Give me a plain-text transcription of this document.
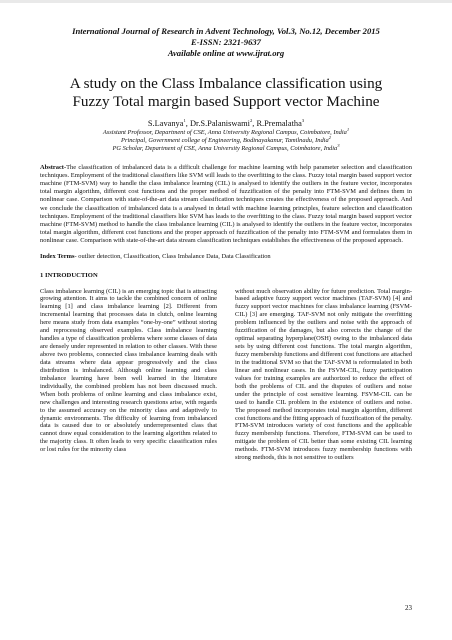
International Journal of Research in Advent Technology, Vol.3, No.12, December 2015
E-ISSN: 2321-9637
Available online at www.ijrat.org
A study on the Class Imbalance classification using
Fuzzy Total margin based Support vector Machine
S.Lavanya$^1$, Dr.S.Palaniswami$^2$, R.Premalatha$^3$
Assistant Professor, Department of CSE, Anna University Regional Campus, Coimbatore, India$^1$
Principal, Government college of Engineering, Bodinayakanur, Tamilnadu, India$^2$
PG Scholar, Department of CSE, Anna University Regional Campus, Coimbatore, India$^3$
Abstract-The classification of imbalanced data is a difficult challenge for machine learning with help parameter selection and classification techniques. Employment of the traditional classifiers like SVM will leads to the overfitting to the class. Fuzzy total margin based support vector machine (FTM-SVM) way to handle the class imbalance learning (CIL) is analysed to identify the outliers in the feature vector, incorporates total margin algorithm, different cost functions and the proper method of fuzzification of the penalty into FTM-SVM and defines them in nonlinear case. Comparison with state-of-the-art data stream classification techniques creates the effectiveness of the proposed approach. And we conclude the classification of imbalanced data is a analysed in detail with machine learning principles, feature selection and classification techniques. Employment of the traditional classifiers like SVM has leads to the overfitting to the class. Fuzzy total margin based support vector machine (FTM-SVM) method to handle the class imbalance learning (CIL) is analysed to identify the outliers in the feature vector, incorporates total margin algorithm, different cost functions and the proper approach of fuzzification of the penalty into FTM-SVM and formulates them in nonlinear case. Comparison with state-of-the-art data stream classification techniques establishes the effectiveness of the proposed approach.
Index Terms- outlier detection, Classification, Class Imbalance Data, Data Classification
1 INTRODUCTION
Class imbalance learning (CIL) is an emerging topic that is attracting growing attention. It aims to tackle the combined concern of online learning [1] and class imbalance learning [2]. Different from incremental learning that processes data in clutch, online learning here means study from data examples “one-by-one” without storing and reprocessing observed examples. Class imbalance learning handles a type of classification problems where some classes of data are densely under represented in relation to other classes. With these above two problems, connected class imbalance learning deals with data streams where data appear progressively and the class distribution is imbalanced. Although online learning and class imbalance learning have been well learned in the literature individually, the combined problem has not been discussed much. When both problems of online learning and class imbalance exist, new challenges and interesting research questions arise, with regards to the assumed accuracy on the minority class and adaptively to dynamic environments. The difficulty of learning from imbalanced data is caused due to or absolutely underrepresented class that cannot draw equal consideration to the learning algorithm related to the majority class. It often leads to very specific classification rules or lost rules for the minority class
without much observation ability for future prediction. Total margin-based adaptive fuzzy support vector machines (TAF-SVM) [4] and fuzzy support vector machines for class imbalance learning (FSVM-CIL) [3] are emerging. TAF-SVM not only mitigate the overfitting problem influenced by the outliers and noise with the approach of fuzzification of the damages, but also corrects the change of the optimal separating hyperplane(OSH) owing to the imbalanced data sets by using different cost functions. The total margin algorithm, fuzzy membership functions and different cost functions are attached in the traditional SVM so that the TAF-SVM is reformulated in both linear and nonlinear cases. In the FSVM-CIL, fuzzy participation values for training examples are authorized to reduce the effect of both the problems of CIL and the disputes of outliers and noise under the principle of cost sensitive learning. FSVM-CIL can be used to handle CIL problem in the existence of outliers and noise. The proposed method incorporates total margin algorithm, different cost functions and the fitting approach of fuzzification of the penalty. FTM-SVM introduces variety of cost functions and the applicable fuzzy membership functions. Therefore, FTM-SVM can be used to mitigate the problem of CIL better than some existing CIL learning methods. FTM-SVM introduces fuzzy membership functions with strong methods, this is not sensitive to outliers
23
